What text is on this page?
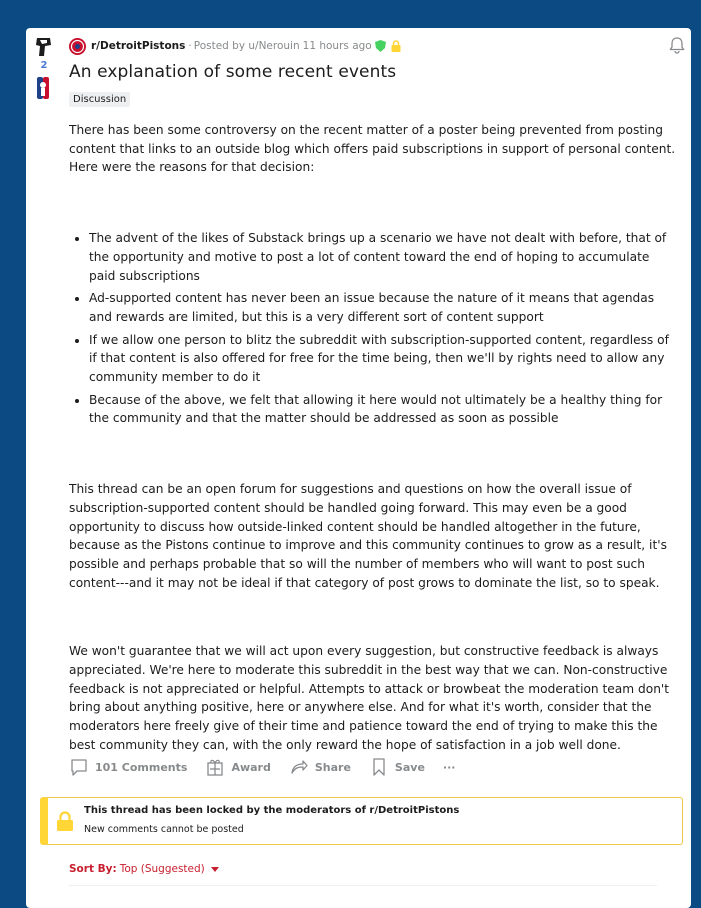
2
r/DetroitPistons · Posted by u/Nerouin 11 hours ago
An explanation of some recent events
Discussion

There has been some controversy on the recent matter of a poster being prevented from posting content that links to an outside blog which offers paid subscriptions in support of personal content. Here were the reasons for that decision:

• The advent of the likes of Substack brings up a scenario we have not dealt with before, that of the opportunity and motive to post a lot of content toward the end of hoping to accumulate paid subscriptions
• Ad-supported content has never been an issue because the nature of it means that agendas and rewards are limited, but this is a very different sort of content support
• If we allow one person to blitz the subreddit with subscription-supported content, regardless of if that content is also offered for free for the time being, then we'll by rights need to allow any community member to do it
• Because of the above, we felt that allowing it here would not ultimately be a healthy thing for the community and that the matter should be addressed as soon as possible

This thread can be an open forum for suggestions and questions on how the overall issue of subscription-supported content should be handled going forward. This may even be a good opportunity to discuss how outside-linked content should be handled altogether in the future, because as the Pistons continue to improve and this community continues to grow as a result, it's possible and perhaps probable that so will the number of members who will want to post such content---and it may not be ideal if that category of post grows to dominate the list, so to speak.

We won't guarantee that we will act upon every suggestion, but constructive feedback is always appreciated. We're here to moderate this subreddit in the best way that we can. Non-constructive feedback is not appreciated or helpful. Attempts to attack or browbeat the moderation team don't bring about anything positive, here or anywhere else. And for what it's worth, consider that the moderators here freely give of their time and patience toward the end of trying to make this the best community they can, with the only reward the hope of satisfaction in a job well done.

101 Comments	Award	Share	Save ···
This thread has been locked by the moderators of r/DetroitPistons
New comments cannot be posted
Sort By: Top (Suggested)
